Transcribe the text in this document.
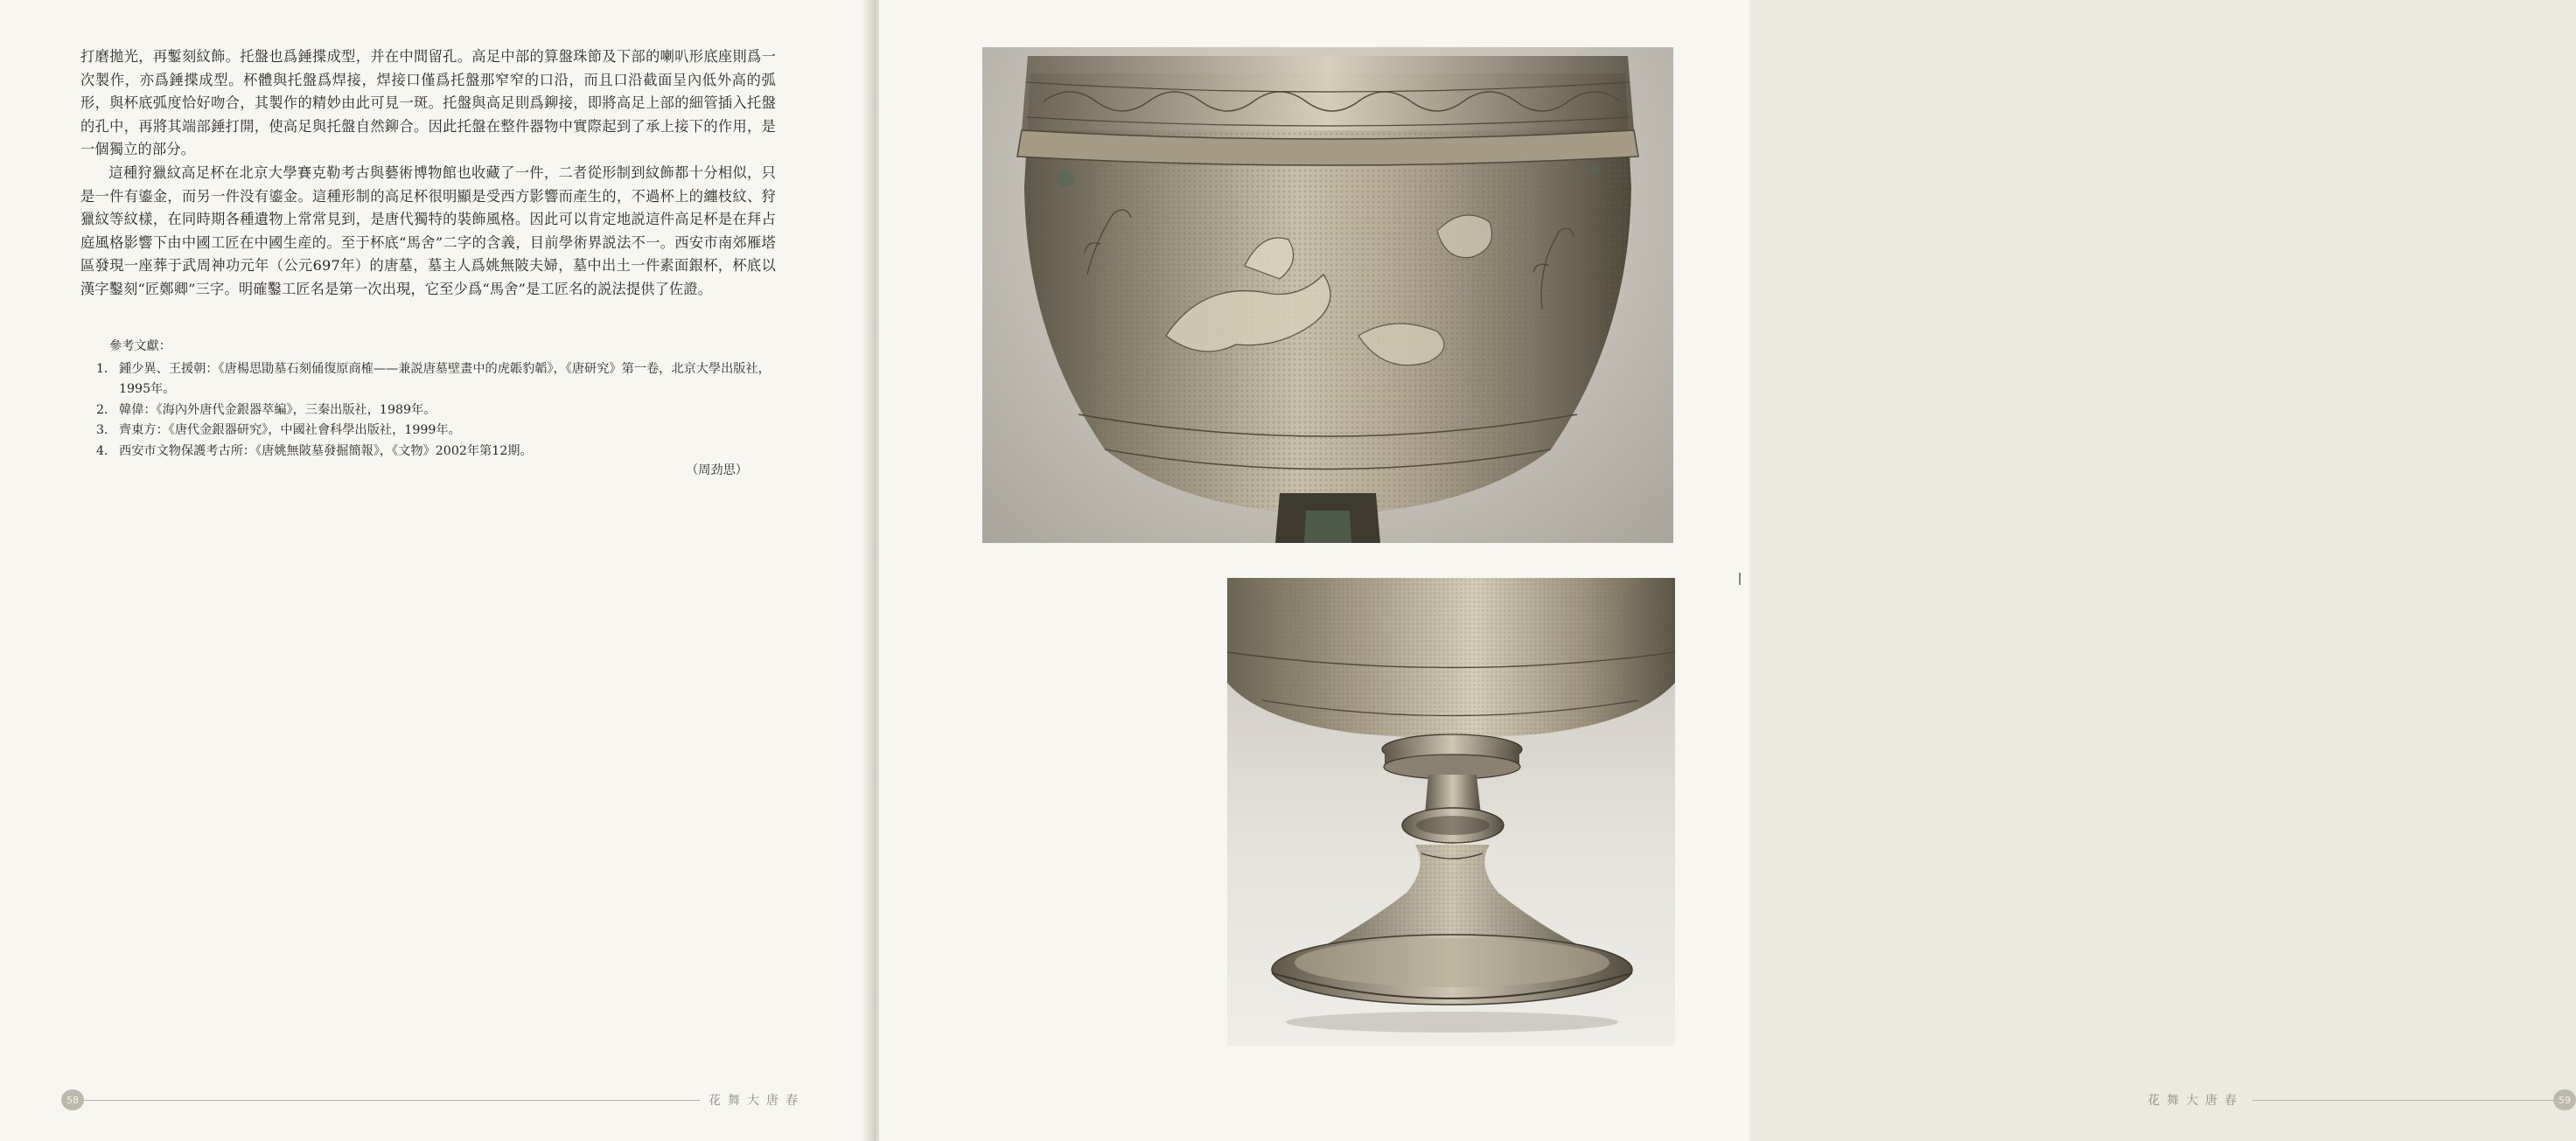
打磨拋光，再鏨刻紋飾。托盤也爲錘揲成型，并在中間留孔。高足中部的算盤珠節及下部的喇叭形底座則爲一次製作，亦爲錘揲成型。杯體與托盤爲焊接，焊接口僅爲托盤那窄窄的口沿，而且口沿截面呈內低外高的弧形，與杯底弧度恰好吻合，其製作的精妙由此可見一斑。托盤與高足則爲鉚接，即將高足上部的細管插入托盤的孔中，再將其端部錘打開，使高足與托盤自然鉚合。因此托盤在整件器物中實際起到了承上接下的作用，是一個獨立的部分。

這種狩獵紋高足杯在北京大學賽克勒考古與藝術博物館也收藏了一件，二者從形制到紋飾都十分相似，只是一件有鎏金，而另一件没有鎏金。這種形制的高足杯很明顯是受西方影響而產生的，不過杯上的纏枝紋、狩獵紋等紋樣，在同時期各種遺物上常常見到，是唐代獨特的裝飾風格。因此可以肯定地説這件高足杯是在拜占庭風格影響下由中國工匠在中國生産的。至于杯底“馬舍”二字的含義，目前學術界説法不一。西安市南郊雁塔區發現一座葬于武周神功元年（公元697年）的唐墓，墓主人爲姚無陂夫婦，墓中出土一件素面銀杯，杯底以漢字鑿刻“匠鄭卿”三字。明確鑿工匠名是第一次出現，它至少爲“馬舍”是工匠名的説法提供了佐證。

參考文獻：
1． 鍾少異、王援朝：《唐楊思勖墓石刻俑復原商榷——兼説唐墓壁畫中的虎韔豹韜》，《唐研究》第一卷，北京大學出版社，1995年。
2． 韓偉：《海內外唐代金銀器萃編》，三秦出版社，1989年。
3． 齊東方：《唐代金銀器研究》，中國社會科學出版社，1999年。
4． 西安市文物保護考古所：《唐姚無陂墓發掘簡報》，《文物》2002年第12期。
（周劲思）
58	花舞大唐春	花舞大唐春	59
